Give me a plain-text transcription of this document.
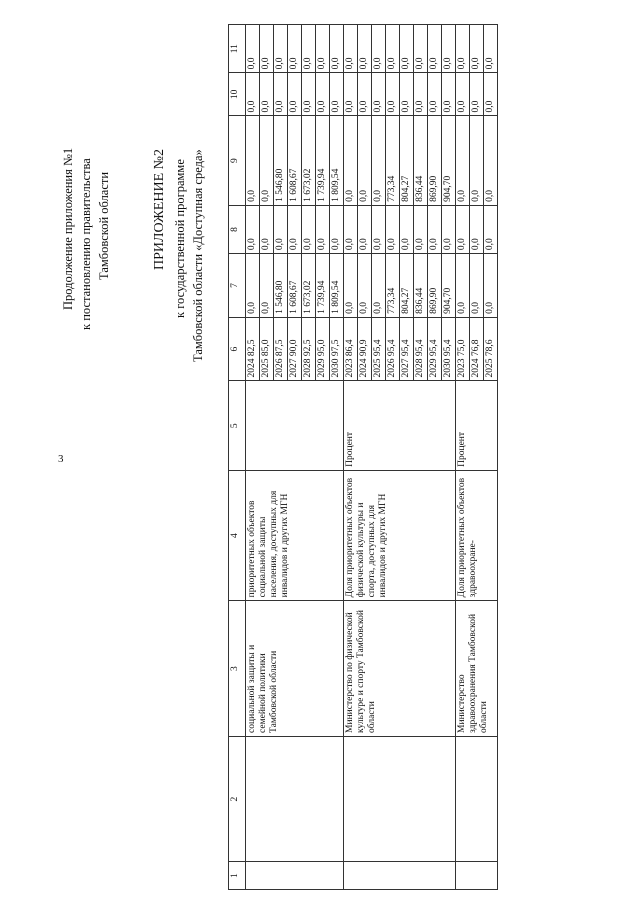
3
Продолжение приложения №1 к постановлению правительства Тамбовской области	ПРИЛОЖЕНИЕ №2 к государственной программе Тамбовской области «Доступная среда»
1	2	3	4	5	6	7	8	9	10	11
		социальной защиты и семейной политики Тамбовской области	приоритетных объектов социальной защиты населения, доступных для инвалидов и других МГН		2024 82,5	0,0	0,0	0,0	0,0	0,0
					2025 85,0	0,0	0,0	0,0	0,0	0,0
					2026 87,5	1 546,80	0,0	1 546,80	0,0	0,0
					2027 90,0	1 608,67	0,0	1 608,67	0,0	0,0
					2028 92,5	1 673,02	0,0	1 673,02	0,0	0,0
					2029 95,0	1 739,94	0,0	1 739,94	0,0	0,0
					2030 97,5	1 809,54	0,0	1 809,54	0,0	0,0
		Министерство по физической культуре и спорту Тамбовской области	Доля приоритетных объектов физической культуры и спорта, доступных для инвалидов и других МГН	Процент	2023 86,4	0,0	0,0	0,0	0,0	0,0
					2024 90,9	0,0	0,0	0,0	0,0	0,0
					2025 95,4	0,0	0,0	0,0	0,0	0,0
					2026 95,4	773,34	0,0	773,34	0,0	0,0
					2027 95,4	804,27	0,0	804,27	0,0	0,0
					2028 95,4	836,44	0,0	836,44	0,0	0,0
					2029 95,4	869,90	0,0	869,90	0,0	0,0
					2030 95,4	904,70	0,0	904,70	0,0	0,0
		Министерство здравоохранения Тамбовской области	Доля приоритетных объектов здравоохране-	Процент	2023 75,0	0,0	0,0	0,0	0,0	0,0
					2024 76,8	0,0	0,0	0,0	0,0	0,0
					2025 78,6	0,0	0,0	0,0	0,0	0,0
